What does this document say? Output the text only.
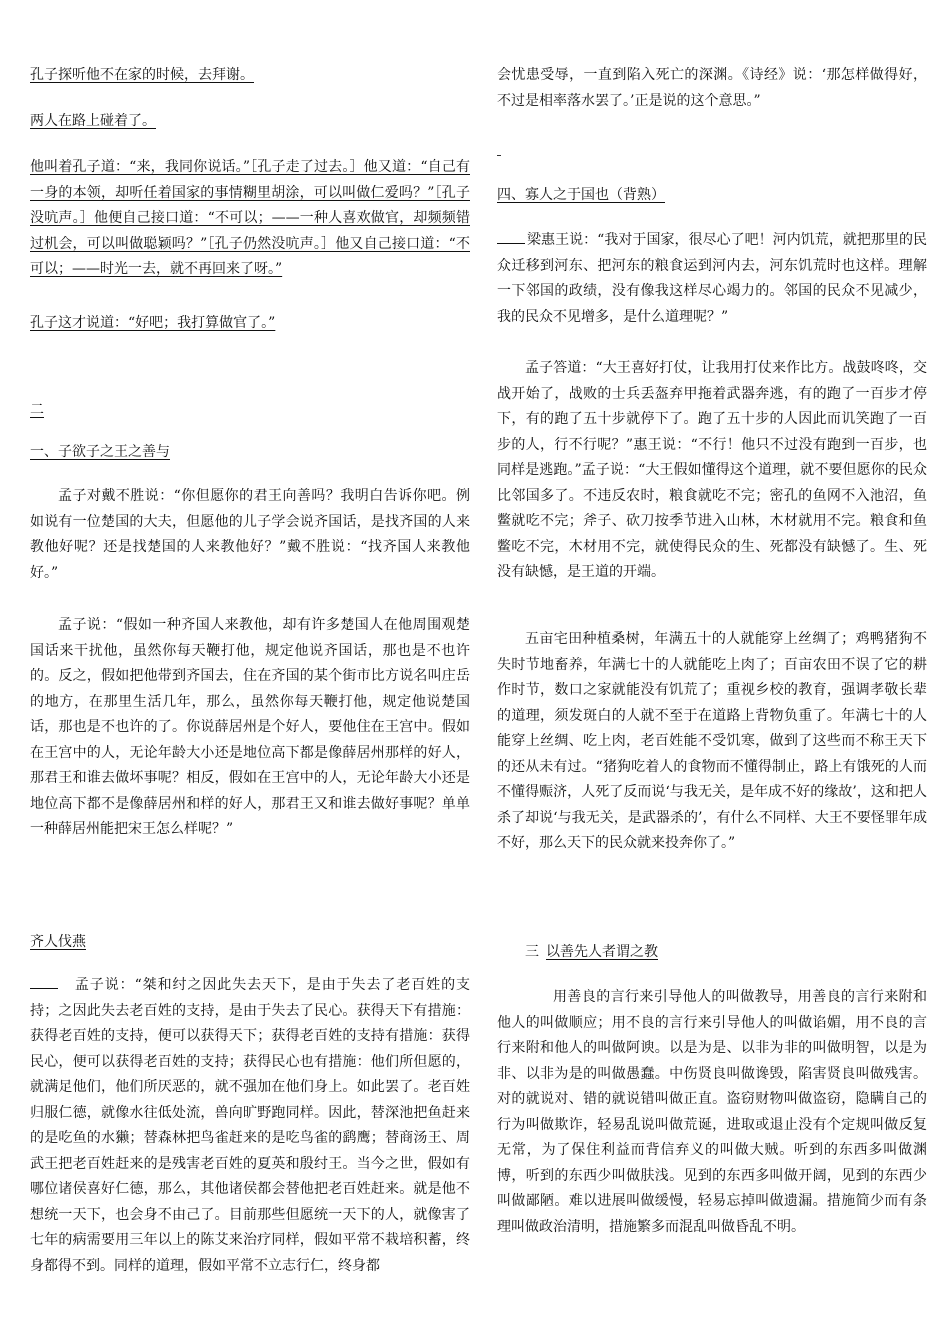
孔子探听他不在家的时候，去拜谢。

两人在路上碰着了。

他叫着孔子道：“来，我同你说话。”［孔子走了过去。］他又道：“自己有一身的本领，却听任着国家的事情糊里胡涂，可以叫做仁爱吗？”［孔子没吭声。］他便自己接口道：“不可以；——一种人喜欢做官，却频频错过机会，可以叫做聪颖吗？”［孔子仍然没吭声。］他又自己接口道：“不可以；——时光一去，就不再回来了呀。”

孔子这才说道：“好吧；我打算做官了。”

二

一、子欲子之王之善与

孟子对戴不胜说：“你但愿你的君王向善吗？我明白告诉你吧。例如说有一位楚国的大夫，但愿他的儿子学会说齐国话，是找齐国的人来教他好呢？还是找楚国的人来教他好？”戴不胜说：“找齐国人来教他好。”

孟子说：“假如一种齐国人来教他，却有许多楚国人在他周围观楚国话来干扰他，虽然你每天鞭打他，规定他说齐国话，那也是不也许的。反之，假如把他带到齐国去，住在齐国的某个街市比方说名叫庄岳的地方，在那里生活几年，那么，虽然你每天鞭打他，规定他说楚国话，那也是不也许的了。你说薛居州是个好人，要他住在王宫中。假如在王宫中的人，无论年龄大小还是地位高下都是像薛居州那样的好人，那君王和谁去做坏事呢？相反，假如在王宫中的人，无论年龄大小还是地位高下都不是像薛居州和样的好人，那君王又和谁去做好事呢？单单一种薛居州能把宋王怎么样呢？”

齐人伐燕

 孟子说：“桀和纣之因此失去天下，是由于失去了老百姓的支持；之因此失去老百姓的支持，是由于失去了民心。获得天下有措施：获得老百姓的支持，便可以获得天下；获得老百姓的支持有措施：获得民心，便可以获得老百姓的支持；获得民心也有措施：他们所但愿的，就满足他们，他们所厌恶的，就不强加在他们身上。如此罢了。老百姓归服仁德，就像水往低处流，兽向旷野跑同样。因此，替深池把鱼赶来的是吃鱼的水獭；替森林把鸟雀赶来的是吃鸟雀的鹞鹰；替商汤王、周武王把老百姓赶来的是残害老百姓的夏英和殷纣王。当今之世，假如有哪位诸侯喜好仁德，那么，其他诸侯都会替他把老百姓赶来。就是他不想统一天下，也会身不由己了。目前那些但愿统一天下的人，就像害了七年的病需要用三年以上的陈艾来治疗同样，假如平常不栽培积蓄，终身都得不到。同样的道理，假如平常不立志行仁，终身都

会忧患受辱，一直到陷入死亡的深渊。《诗经》说：‘那怎样做得好，不过是相率落水罢了。’正是说的这个意思。”

四、寡人之于国也（背熟）

梁惠王说：“我对于国家，很尽心了吧！河内饥荒，就把那里的民众迁移到河东、把河东的粮食运到河内去，河东饥荒时也这样。理解一下邻国的政绩，没有像我这样尽心竭力的。邻国的民众不见减少，我的民众不见增多，是什么道理呢？”

孟子答道：“大王喜好打仗，让我用打仗来作比方。战鼓咚咚，交战开始了，战败的士兵丢盔弃甲拖着武器奔逃，有的跑了一百步才停下，有的跑了五十步就停下了。跑了五十步的人因此而讥笑跑了一百步的人，行不行呢？”惠王说：“不行！他只不过没有跑到一百步，也同样是逃跑。”孟子说：“大王假如懂得这个道理，就不要但愿你的民众比邻国多了。不违反农时，粮食就吃不完；密孔的鱼网不入池沼，鱼鳖就吃不完；斧子、砍刀按季节进入山林，木材就用不完。粮食和鱼鳖吃不完，木材用不完，就使得民众的生、死都没有缺憾了。生、死没有缺憾，是王道的开端。

五亩宅田种植桑树，年满五十的人就能穿上丝绸了；鸡鸭猪狗不失时节地畜养，年满七十的人就能吃上肉了；百亩农田不误了它的耕作时节，数口之家就能没有饥荒了；重视乡校的教育，强调孝敬长辈的道理，须发斑白的人就不至于在道路上背物负重了。年满七十的人能穿上丝绸、吃上肉，老百姓能不受饥寒，做到了这些而不称王天下的还从未有过。“猪狗吃着人的食物而不懂得制止，路上有饿死的人而不懂得赈济，人死了反而说‘与我无关，是年成不好的缘故’，这和把人杀了却说‘与我无关，是武器杀的’，有什么不同样、大王不要怪罪年成不好，那么天下的民众就来投奔你了。”

三  以善先人者谓之教

用善良的言行来引导他人的叫做教导，用善良的言行来附和他人的叫做顺应；用不良的言行来引导他人的叫做谄媚，用不良的言行来附和他人的叫做阿谀。以是为是、以非为非的叫做明智，以是为非、以非为是的叫做愚蠢。中伤贤良叫做谗毁，陷害贤良叫做残害。对的就说对、错的就说错叫做正直。盗窃财物叫做盗窃，隐瞒自己的行为叫做欺诈，轻易乱说叫做荒诞，进取或退止没有个定规叫做反复无常，为了保住利益而背信弃义的叫做大贼。听到的东西多叫做渊博，听到的东西少叫做肤浅。见到的东西多叫做开阔，见到的东西少叫做鄙陋。难以进展叫做缓慢，轻易忘掉叫做遗漏。措施简少而有条理叫做政治清明，措施繁多而混乱叫做昏乱不明。
